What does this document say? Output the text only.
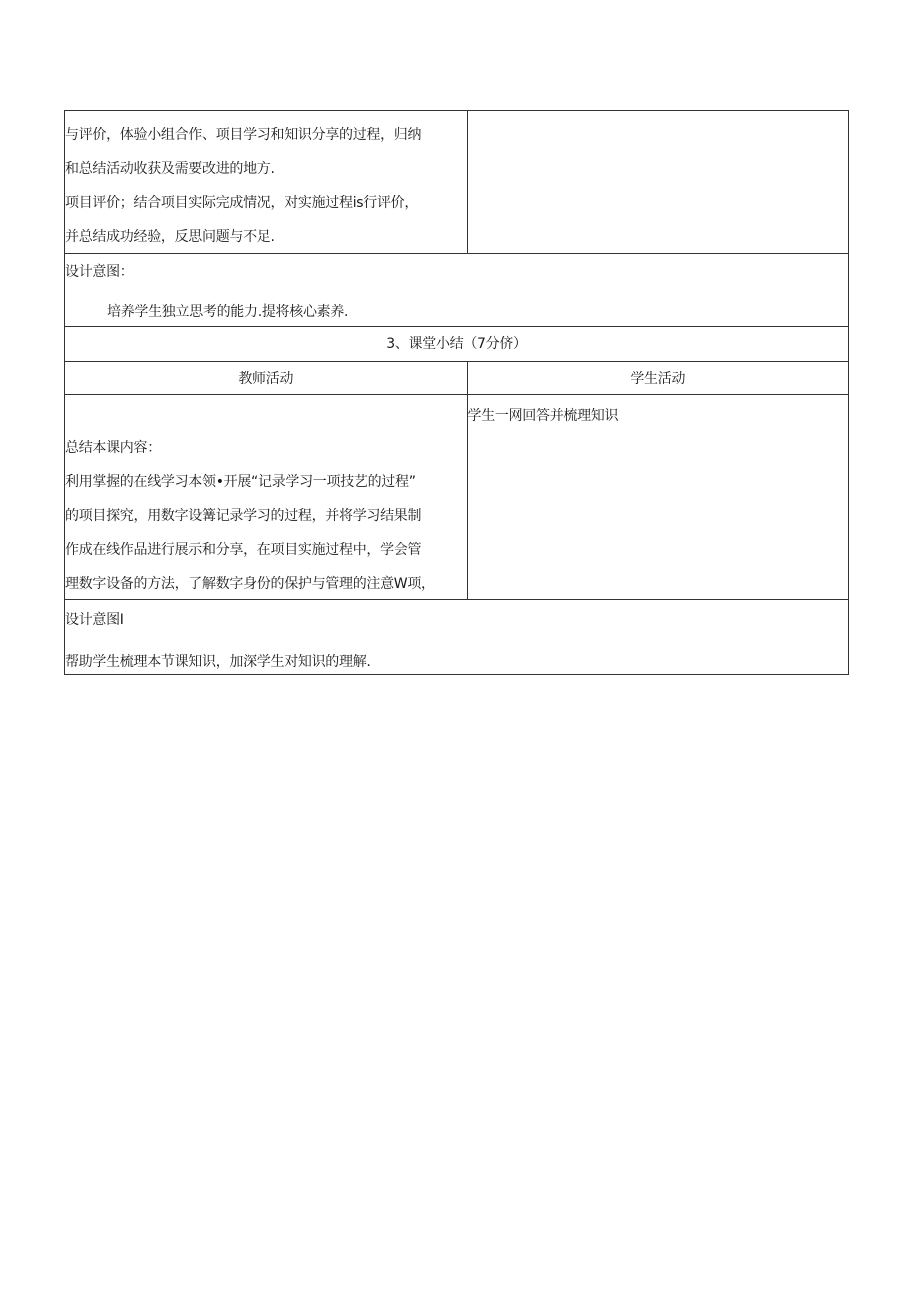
与评价，体验小组合作、项目学习和知识分享的过程，归纳
和总结活动收获及需要改进的地方.
项目评价；结合项目实际完成情况，对实施过程is行评价，
并总结成功经验，反思问题与不足.	

设计意图：
培养学生独立思考的能力.提将核心素养.	

3、课堂小结（7分侪）	

教师活动	学生活动

总结本课内容：
利用掌握的在线学习本领•开展“记录学习一项技艺的过程”
的项目探究，用数字设篝记录学习的过程，并将学习结果制
作成在线作品进行展示和分享，在项目实施过程中，学会管
理数字设备的方法，了解数字身份的保护与管理的注意W项，	学生一网回答并梳理知识

设计意图I
帮助学生梳理本节课知识，加深学生对知识的理解.	
